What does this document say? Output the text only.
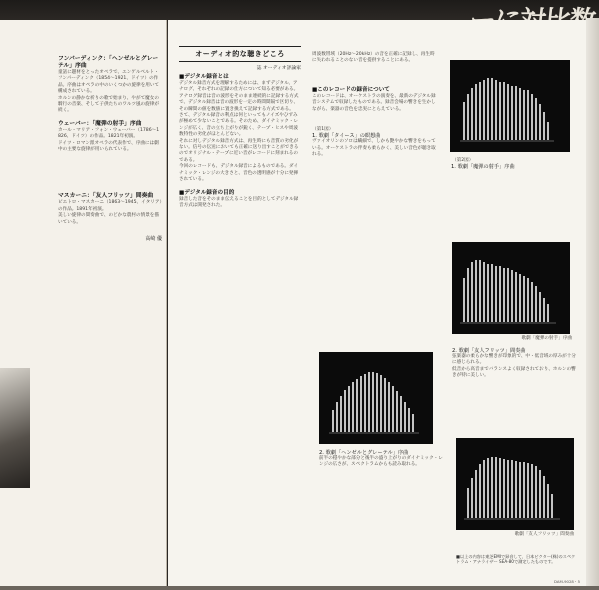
フンパーディンク：「ヘンゼルとグレーテル」序曲
童話に題材をとったオペラで、エンゲルベルト・フンパーディンク（1854〜1921、ドイツ）の作品。序曲はオペラの中のいくつかの旋律を用いて構成されている。
ホルンの静かな祈りの歌で始まり、やがて魔女の騎行の音楽、そして子供たちのワルツ風の旋律が続く。
ウェーバー：「魔弾の射手」序曲
カール・マリア・フォン・ウェーバー（1786〜1826、ドイツ）の作品。1821年初演。
ドイツ・ロマン派オペラの代表作で、序曲には劇中の主要な旋律が用いられている。
マスカーニ：「友人フリッツ」間奏曲
ピエトロ・マスカーニ（1863〜1945、イタリア）の作品。1891年初演。
美しい旋律の間奏曲で、のどかな農村の情景を描いている。
高崎 優
オーディオ的な聴きどころ
誌 オーディオ評論家
■デジタル録音とは
デジタル録音方式を理解するためには、まずデジタル、アナログ、それぞれの記録の仕方について知る必要がある。アナログ録音は音の波形をそのまま連続的に記録する方式で、デジタル録音は音の波形を一定の時間間隔で区切り、その瞬間の値を数値に置き換えて記録する方式である。
さて、デジタル録音の利点は何といってもノイズやひずみが極めて少ないことである。そのため、ダイナミック・レンジが広く、音の立ち上がりが鋭く、テープ・ヒスや周波数特性の劣化がほとんどない。
それに対しデジタル録音方式は、再生時にも音質の劣化がない。信号の伝送においても正確に送り出すことができるのでオリジナル・テープに近い音がレコードに刻まれるのである。
今回のレコードも、デジタル録音によるものである。ダイナミック・レンジの大きさと、音色の透明感が十分に発揮されている。
■デジタル録音の目的
録音した音をそのまま伝えることを目的としてデジタル録音方式は開発された。
周波数帯域（20Hz〜20kHz）の音を正確に記録し、再生時に失われることのない音を提供することにある。
■このレコードの録音について
このレコードは、オーケストラの演奏を、最新のデジタル録音システムで収録したものである。録音会場の響きを生かしながら、楽器の音色を忠実にとらえている。
（第1図）
1. 歌劇「タイース」の瞑想曲
ヴァイオリンのソロは繊細で、しかも艶やかな響きをもっている。オーケストラの伴奏も柔らかく、美しい音色が聴き取れる。
2. 歌劇「ヘンゼルとグレーテル」序曲
前半の穏やかな部分と後半の盛り上がりのダイナミック・レンジの広さが、スペクトラムからも読み取れる。
（第2図）
1. 歌劇「魔弾の射手」序曲
歌劇「魔弾の射手」序曲
2. 歌劇「友人フリッツ」間奏曲
弦楽器の柔らかな響きが印象的で、中・低音域の厚みが十分に感じられる。
低音から高音までバランスよく収録されており、ホルンの響きが特に美しい。
歌劇「友人フリッツ」間奏曲
■以上の内容は東芝EMIで録音して、日本ビクター(株)のスペクトラム・アナライザー SEA-80で測定したものです。
DAM-9028・5
